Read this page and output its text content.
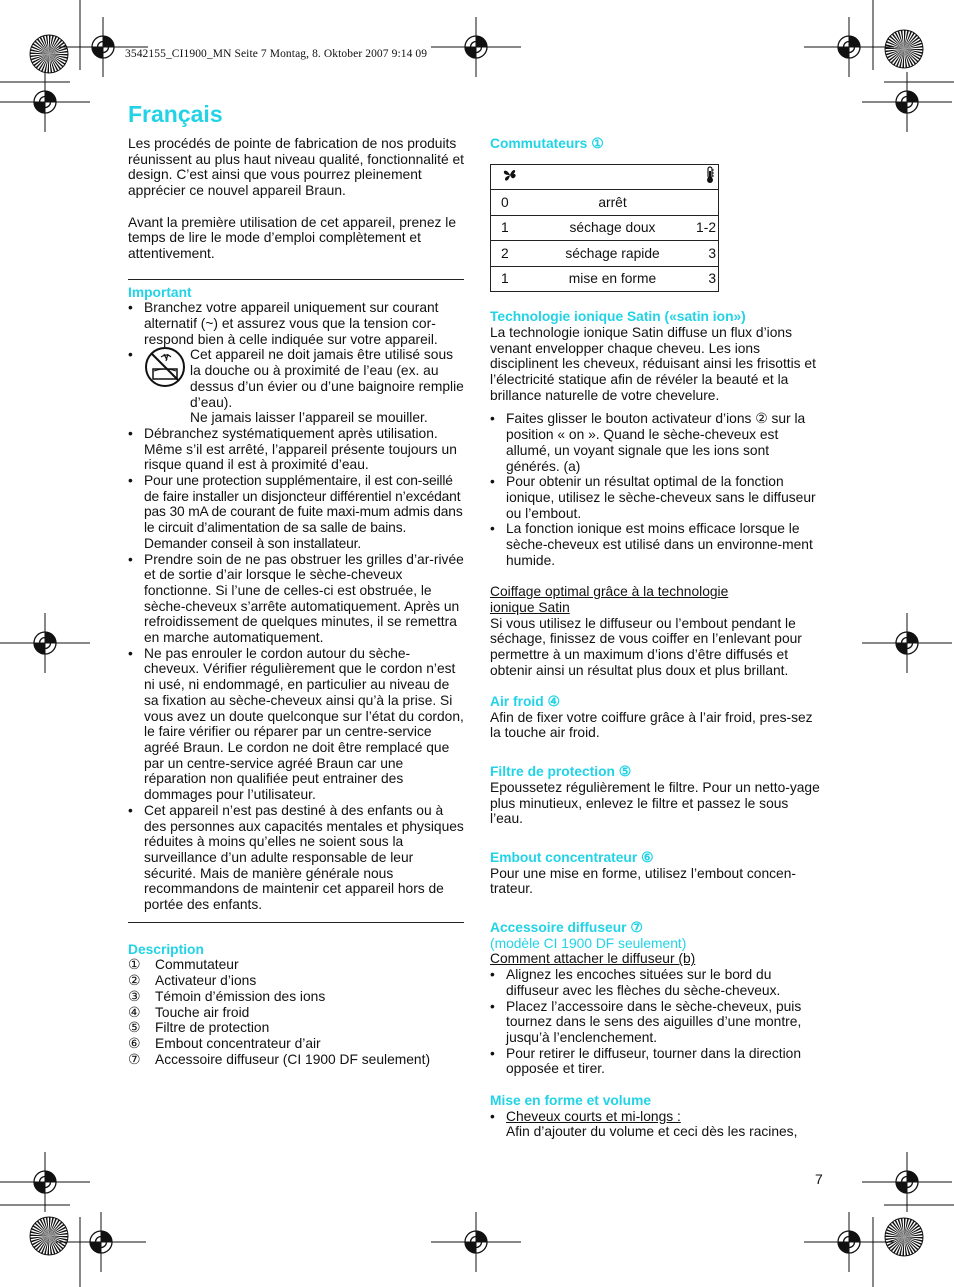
3542155_CI1900_MN Seite 7 Montag, 8. Oktober 2007 9:14 09
Français

Les procédés de pointe de fabrication de nos produits réunissent au plus haut niveau qualité, fonctionnalité et design. C’est ainsi que vous pourrez pleinement apprécier ce nouvel appareil Braun.

Avant la première utilisation de cet appareil, prenez le temps de lire le mode d’emploi complètement et attentivement.

Important
• Branchez votre appareil uniquement sur courant alternatif (~) et assurez vous que la tension cor-respond bien à celle indiquée sur votre appareil.
• Cet appareil ne doit jamais être utilisé sous la douche ou à proximité de l’eau (ex. au dessus d’un évier ou d’une baignoire remplie d’eau).
Ne jamais laisser l’appareil se mouiller.
• Débranchez systématiquement après utilisation. Même s’il est arrêté, l’appareil présente toujours un risque quand il est à proximité d’eau.
• Pour une protection supplémentaire, il est con-seillé de faire installer un disjoncteur différentiel n’excédant pas 30 mA de courant de fuite maxi-mum admis dans le circuit d’alimentation de sa salle de bains. Demander conseil à son installateur.
• Prendre soin de ne pas obstruer les grilles d’ar-rivée et de sortie d’air lorsque le sèche-cheveux fonctionne. Si l’une de celles-ci est obstruée, le sèche-cheveux s’arrête automatiquement. Après un refroidissement de quelques minutes, il se remettra en marche automatiquement.
• Ne pas enrouler le cordon autour du sèche-cheveux. Vérifier régulièrement que le cordon n’est ni usé, ni endommagé, en particulier au niveau de sa fixation au sèche-cheveux ainsi qu’à la prise. Si vous avez un doute quelconque sur l’état du cordon, le faire vérifier ou réparer par un centre-service agréé Braun. Le cordon ne doit être remplacé que par un centre-service agréé Braun car une réparation non qualifiée peut entrainer des dommages pour l’utilisateur.
• Cet appareil n’est pas destiné à des enfants ou à des personnes aux capacités mentales et physiques réduites à moins qu’elles ne soient sous la surveillance d’un adulte responsable de leur sécurité. Mais de manière générale nous recommandons de maintenir cet appareil hors de portée des enfants.
Description
①	Commutateur
②	Activateur d’ions
③	Témoin d’émission des ions
④	Touche air froid
⑤	Filtre de protection
⑥	Embout concentrateur d’air
⑦	Accessoire diffuseur (CI 1900 DF seulement)
Commutateurs ①

0	arrêt	
1	séchage doux	1-2
2	séchage rapide	3
1	mise en forme	3
Technologie ionique Satin («satin ion»)

La technologie ionique Satin diffuse un flux d’ions venant envelopper chaque cheveu. Les ions disciplinent les cheveux, réduisant ainsi les frisottis et l’électricité statique afin de révéler la beauté et la brillance naturelle de votre chevelure.

• Faites glisser le bouton activateur d’ions ② sur la position « on ». Quand le sèche-cheveux est allumé, un voyant signale que les ions sont générés. (a)
• Pour obtenir un résultat optimal de la fonction ionique, utilisez le sèche-cheveux sans le diffuseur ou l’embout.
• La fonction ionique est moins efficace lorsque le sèche-cheveux est utilisé dans un environne-ment humide.
Coiffage optimal grâce à la technologie ionique Satin

Si vous utilisez le diffuseur ou l’embout pendant le séchage, finissez de vous coiffer en l’enlevant pour permettre à un maximum d’ions d’être diffusés et obtenir ainsi un résultat plus doux et plus brillant.

Air froid ④

Afin de fixer votre coiffure grâce à l’air froid, pres-sez la touche air froid.

Filtre de protection ⑤

Epoussetez régulièrement le filtre. Pour un netto-yage plus minutieux, enlevez le filtre et passez le sous l’eau.

Embout concentrateur ⑥

Pour une mise en forme, utilisez l’embout concen-trateur.

Accessoire diffuseur ⑦
(modèle CI 1900 DF seulement)
Comment attacher le diffuseur (b)
• Alignez les encoches situées sur le bord du diffuseur avec les flèches du sèche-cheveux.
• Placez l’accessoire dans le sèche-cheveux, puis tournez dans le sens des aiguilles d’une montre, jusqu’à l’enclenchement.
• Pour retirer le diffuseur, tourner dans la direction opposée et tirer.
Mise en forme et volume
• Cheveux courts et mi-longs :
Afin d’ajouter du volume et ceci dès les racines,
7
